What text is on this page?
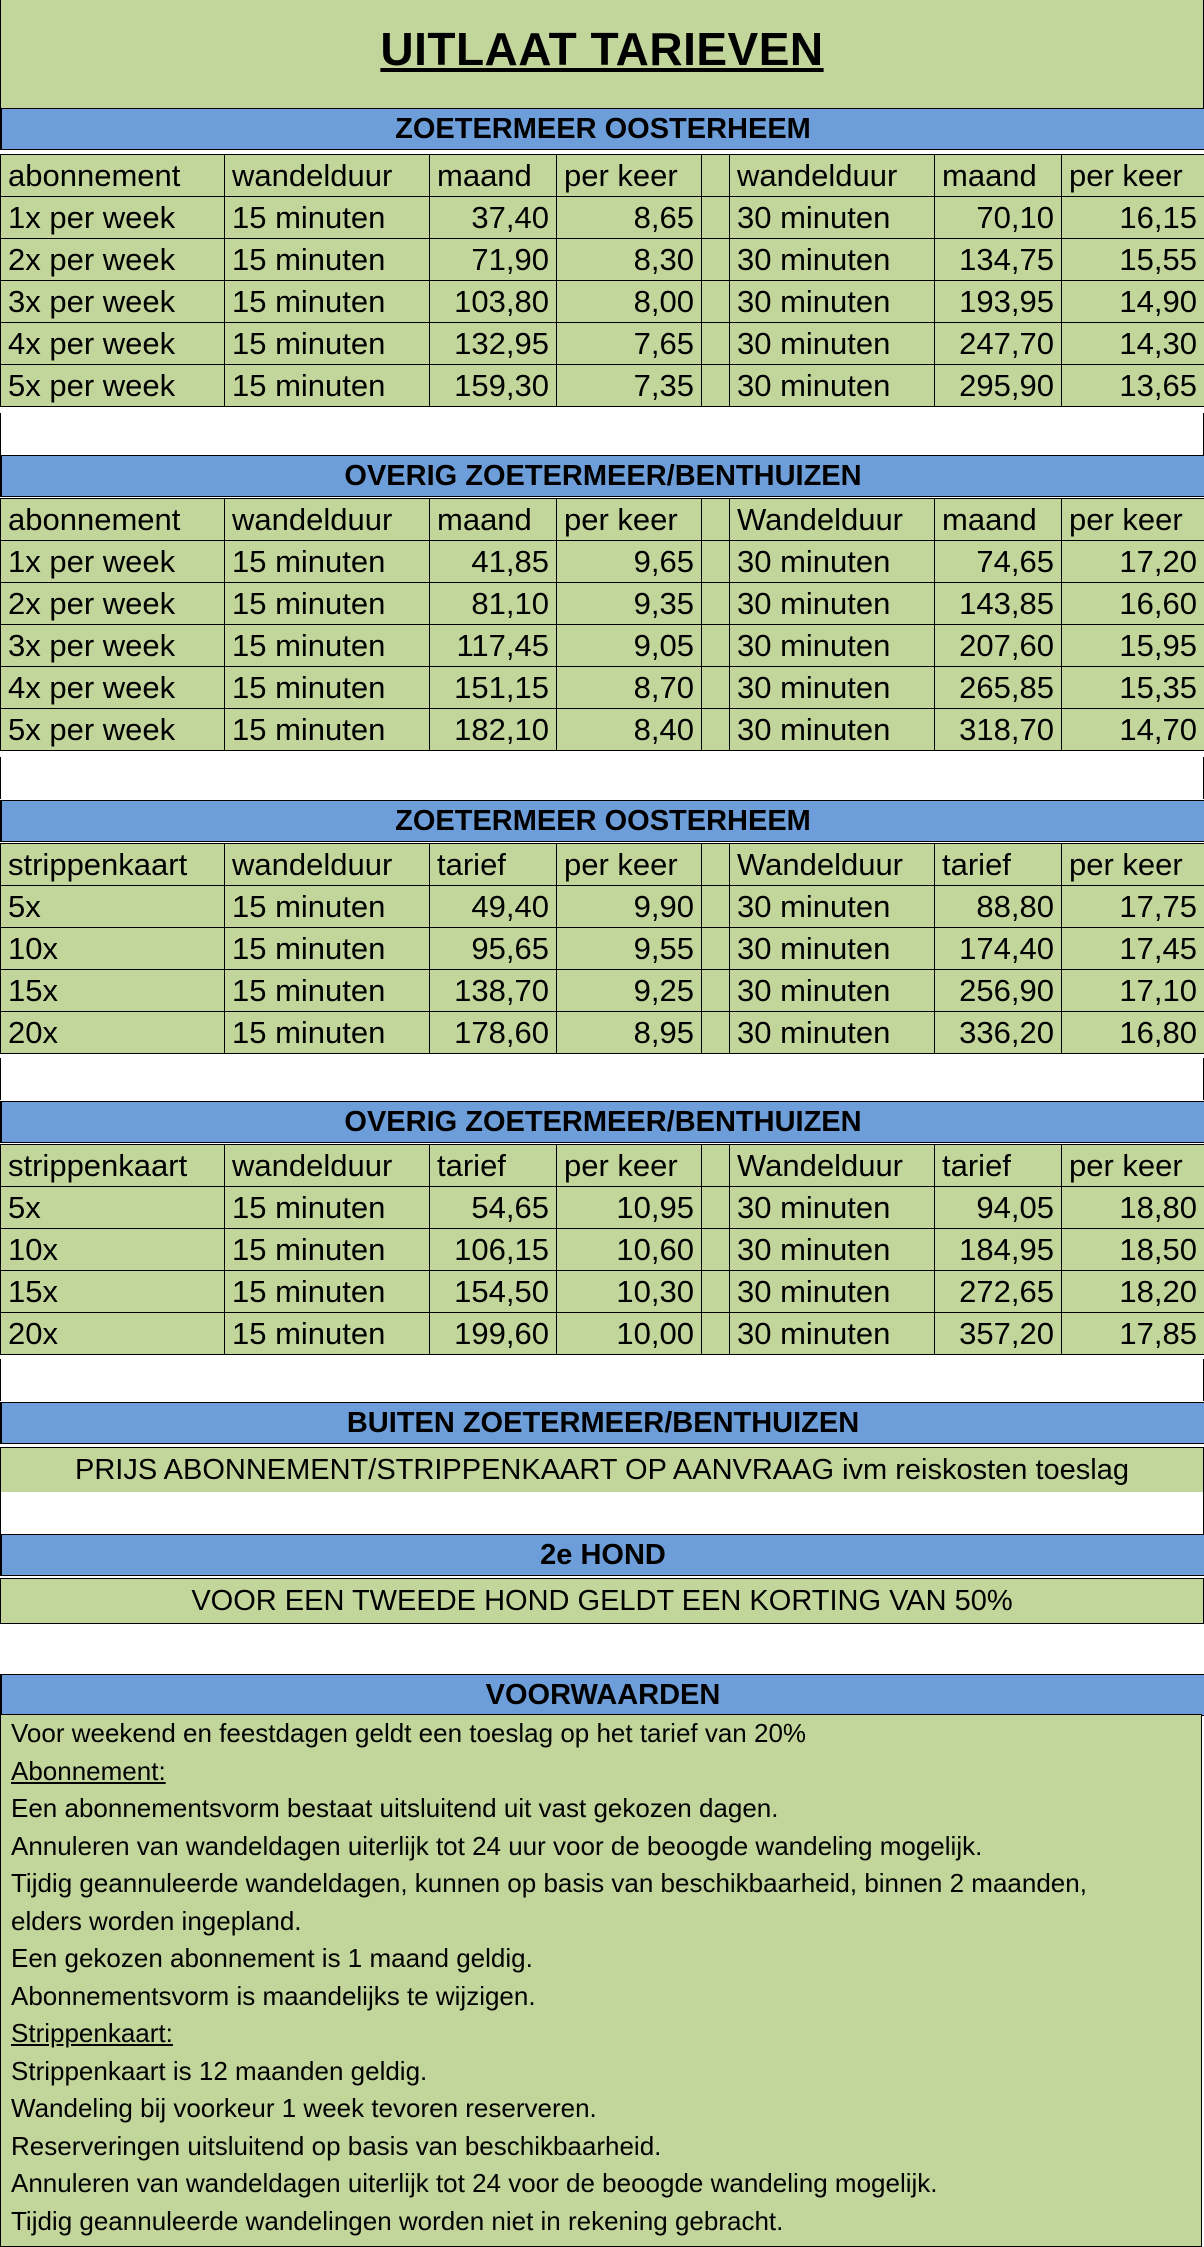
UITLAAT TARIEVEN
ZOETERMEER OOSTERHEEM
abonnement	wandelduur	maand	per keer		wandelduur	maand	per keer
1x per week	15 minuten	37,40	8,65		30 minuten	70,10	16,15
2x per week	15 minuten	71,90	8,30		30 minuten	134,75	15,55
3x per week	15 minuten	103,80	8,00		30 minuten	193,95	14,90
4x per week	15 minuten	132,95	7,65		30 minuten	247,70	14,30
5x per week	15 minuten	159,30	7,35		30 minuten	295,90	13,65
OVERIG ZOETERMEER/BENTHUIZEN
abonnement	wandelduur	maand	per keer		Wandelduur	maand	per keer
1x per week	15 minuten	41,85	9,65		30 minuten	74,65	17,20
2x per week	15 minuten	81,10	9,35		30 minuten	143,85	16,60
3x per week	15 minuten	117,45	9,05		30 minuten	207,60	15,95
4x per week	15 minuten	151,15	8,70		30 minuten	265,85	15,35
5x per week	15 minuten	182,10	8,40		30 minuten	318,70	14,70
ZOETERMEER OOSTERHEEM
strippenkaart	wandelduur	tarief	per keer		Wandelduur	tarief	per keer
5x	15 minuten	49,40	9,90		30 minuten	88,80	17,75
10x	15 minuten	95,65	9,55		30 minuten	174,40	17,45
15x	15 minuten	138,70	9,25		30 minuten	256,90	17,10
20x	15 minuten	178,60	8,95		30 minuten	336,20	16,80
OVERIG ZOETERMEER/BENTHUIZEN
strippenkaart	wandelduur	tarief	per keer		Wandelduur	tarief	per keer
5x	15 minuten	54,65	10,95		30 minuten	94,05	18,80
10x	15 minuten	106,15	10,60		30 minuten	184,95	18,50
15x	15 minuten	154,50	10,30		30 minuten	272,65	18,20
20x	15 minuten	199,60	10,00		30 minuten	357,20	17,85
BUITEN ZOETERMEER/BENTHUIZEN
PRIJS ABONNEMENT/STRIPPENKAART OP AANVRAAG ivm reiskosten toeslag
2e HOND
VOOR EEN TWEEDE HOND GELDT EEN KORTING VAN 50%
VOORWAARDEN
Voor weekend en feestdagen geldt een toeslag op het tarief van 20%
Abonnement:
Een abonnementsvorm bestaat uitsluitend uit vast gekozen dagen.
Annuleren van wandeldagen uiterlijk tot 24 uur voor de beoogde wandeling mogelijk.
Tijdig geannuleerde wandeldagen, kunnen op basis van beschikbaarheid, binnen 2 maanden,
elders worden ingepland.
Een gekozen abonnement is 1 maand geldig.
Abonnementsvorm is maandelijks te wijzigen.
Strippenkaart:
Strippenkaart is 12 maanden geldig.
Wandeling bij voorkeur 1 week tevoren reserveren.
Reserveringen uitsluitend op basis van beschikbaarheid.
Annuleren van wandeldagen uiterlijk tot 24 voor de beoogde wandeling mogelijk.
Tijdig geannuleerde wandelingen worden niet in rekening gebracht.
